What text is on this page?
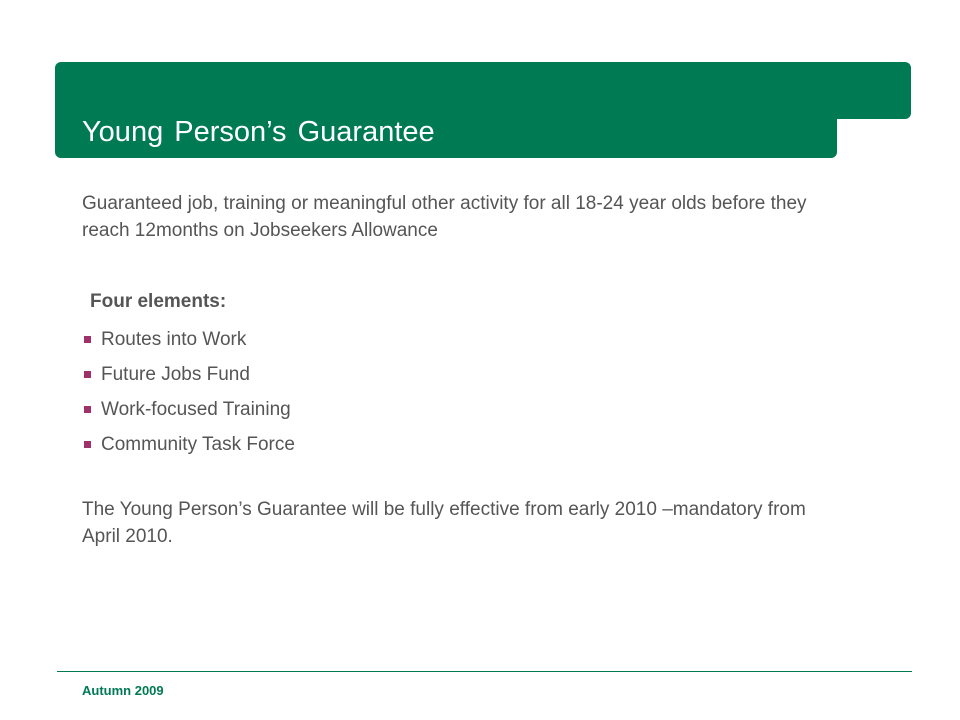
Young Person’s Guarantee
Guaranteed job, training or meaningful other activity for all 18-24 year olds before they reach 12months on Jobseekers Allowance
Four elements:
Routes into Work
Future Jobs Fund
Work-focused Training
Community Task Force
The Young Person’s Guarantee will be fully effective from early 2010 –mandatory from April 2010.
Autumn 2009
